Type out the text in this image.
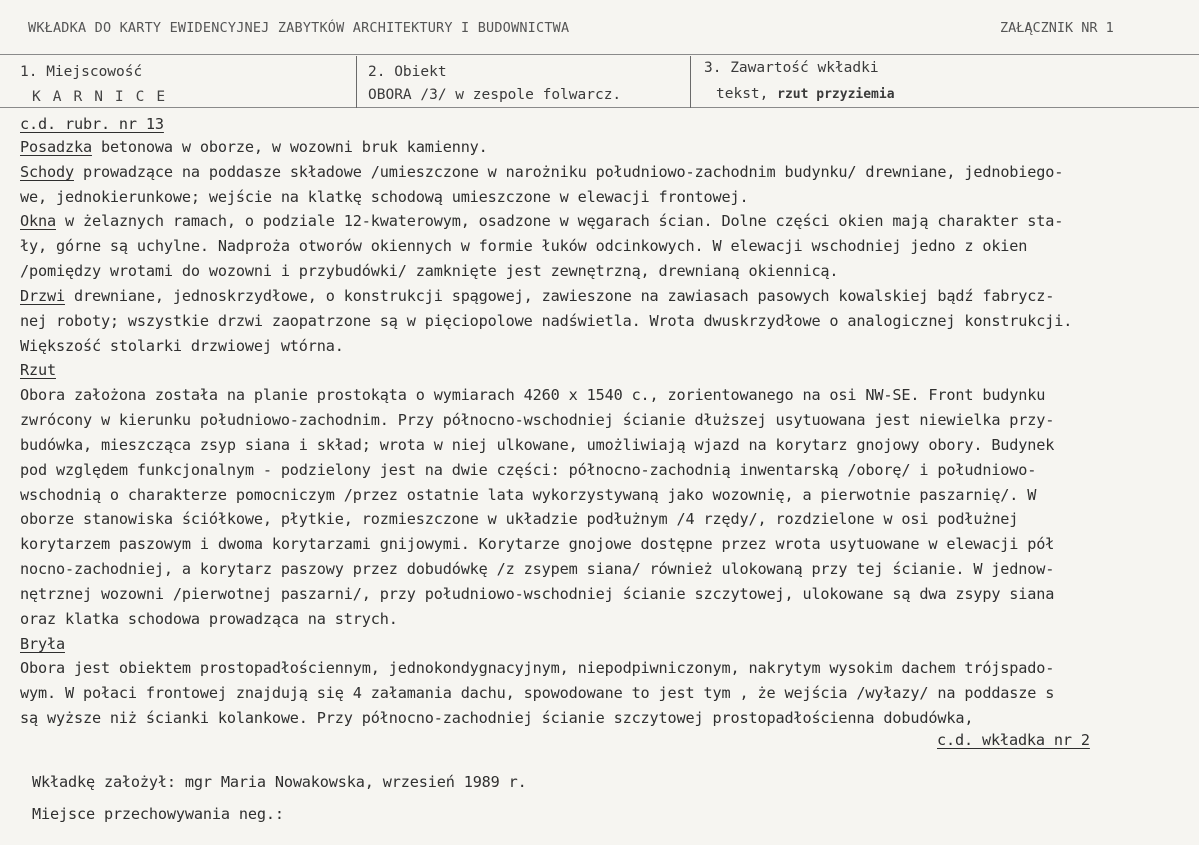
WKŁADKA DO KARTY EWIDENCYJNEJ ZABYTKÓW ARCHITEKTURY I BUDOWNICTWA	ZAŁĄCZNIK NR 1
1. Miejscowość
KARNICE
2. Obiekt
OBORA /3/ w zespole folwarcz.
3. Zawartość wkładki
tekst, rzut przyziemia
c.d. rubr. nr 13
Posadzka betonowa w oborze, w wozowni bruk kamienny.
Schody prowadzące na poddasze składowe /umieszczone w narożniku południowo-zachodnim budynku/ drewniane, jednobiego-
we, jednokierunkowe; wejście na klatkę schodową umieszczone w elewacji frontowej.
Okna w żelaznych ramach, o podziale 12-kwaterowym, osadzone w węgarach ścian. Dolne części okien mają charakter sta-
ły, górne są uchylne. Nadproża otworów okiennych w formie łuków odcinkowych. W elewacji wschodniej jedno z okien
/pomiędzy wrotami do wozowni i przybudówki/ zamknięte jest zewnętrzną, drewnianą okiennicą.
Drzwi drewniane, jednoskrzydłowe, o konstrukcji spągowej, zawieszone na zawiasach pasowych kowalskiej bądź fabrycz-
nej roboty; wszystkie drzwi zaopatrzone są w pięciopolowe nadświetla. Wrota dwuskrzydłowe o analogicznej konstrukcji.
Większość stolarki drzwiowej wtórna.
Rzut
Obora założona została na planie prostokąta o wymiarach 4260 x 1540 c., zorientowanego na osi NW-SE. Front budynku
zwrócony w kierunku południowo-zachodnim. Przy północno-wschodniej ścianie dłuższej usytuowana jest niewielka przy-
budówka, mieszcząca zsyp siana i skład; wrota w niej ulkowane, umożliwiają wjazd na korytarz gnojowy obory. Budynek
pod względem funkcjonalnym - podzielony jest na dwie części: północno-zachodnią inwentarską /oborę/ i południowo-
wschodnią o charakterze pomocniczym /przez ostatnie lata wykorzystywaną jako wozownię, a pierwotnie paszarnię/. W
oborze stanowiska ściółkowe, płytkie, rozmieszczone w układzie podłużnym /4 rzędy/, rozdzielone w osi podłużnej
korytarzem paszowym i dwoma korytarzami gnijowymi. Korytarze gnojowe dostępne przez wrota usytuowane w elewacji pół
nocno-zachodniej, a korytarz paszowy przez dobudówkę /z zsypem siana/ również ulokowaną przy tej ścianie. W jednow-
nętrznej wozowni /pierwotnej paszarni/, przy południowo-wschodniej ścianie szczytowej, ulokowane są dwa zsypy siana
oraz klatka schodowa prowadząca na strych.
Bryła
Obora jest obiektem prostopadłościennym, jednokondygnacyjnym, niepodpiwniczonym, nakrytym wysokim dachem trójspado-
wym. W połaci frontowej znajdują się 4 załamania dachu, spowodowane to jest tym , że wejścia /wyłazy/ na poddasze s
są wyższe niż ścianki kolankowe. Przy północno-zachodniej ścianie szczytowej prostopadłościenna dobudówka,
c.d. wkładka nr 2
Wkładkę założył: mgr Maria Nowakowska, wrzesień 1989 r.
Miejsce przechowywania neg.:
